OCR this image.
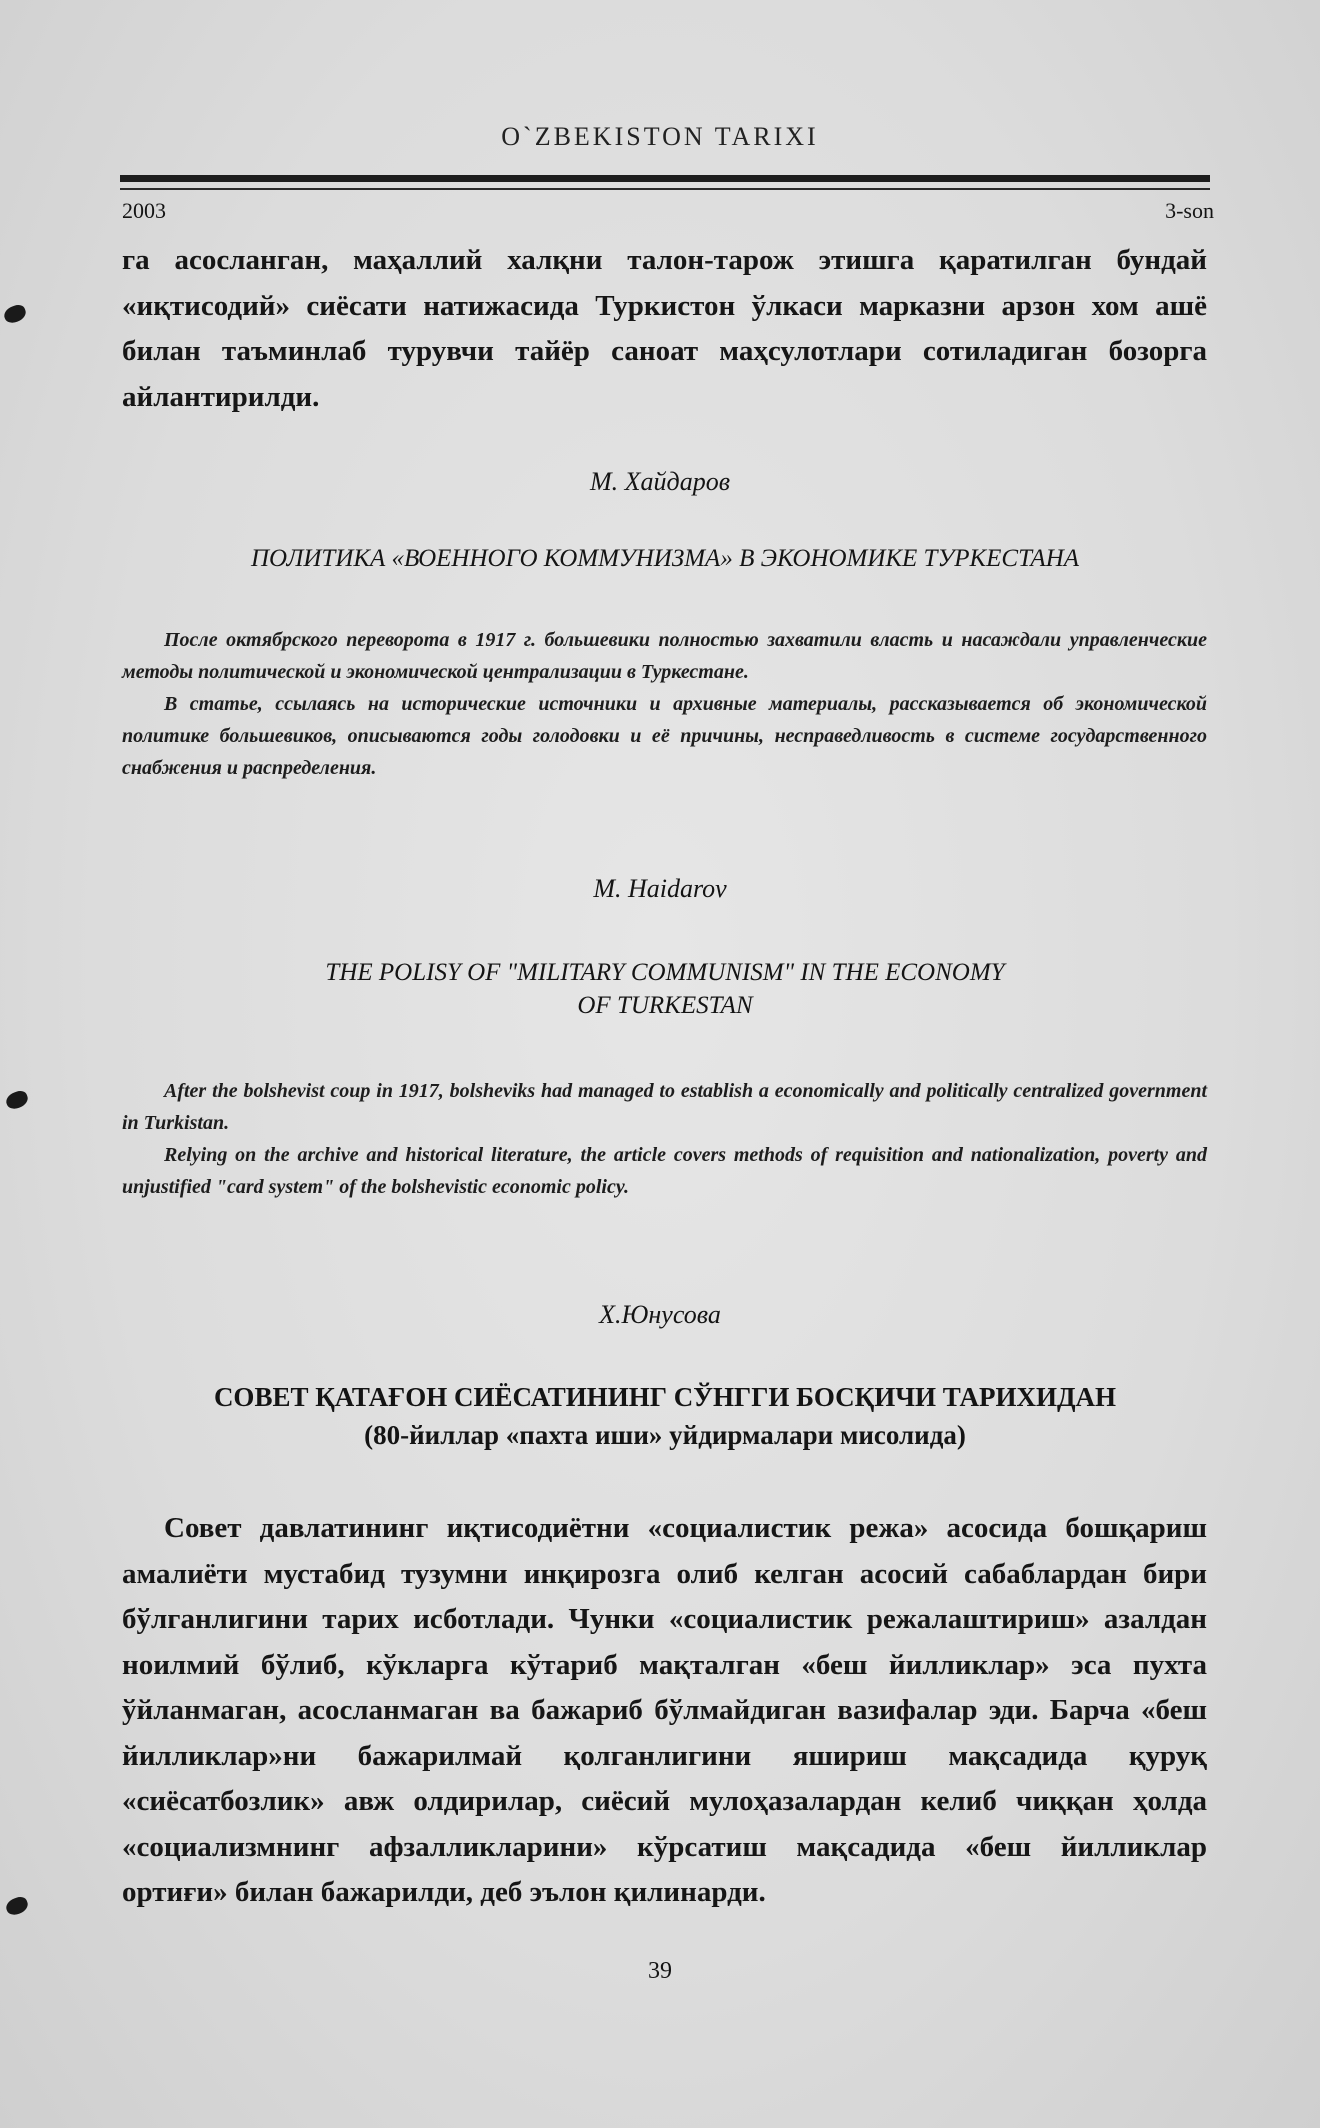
O`ZBEKISTON TARIXI
2003	3-son

га асосланган, маҳаллий халқни талон-тарож этишга қаратилган бундай «иқтисодий» сиёсати натижасида Туркистон ўлкаси марказни арзон хом ашё билан таъминлаб турувчи тайёр саноат маҳсулотлари сотиладиган бозорга айлантирилди.

М. Хайдаров
ПОЛИТИКА «ВОЕННОГО КОММУНИЗМА» В ЭКОНОМИКЕ ТУРКЕСТАНА

После октябрского переворота в 1917 г. большевики полностью захватили власть и насаждали управленческие методы политической и экономической централизации в Туркестане.

В статье, ссылаясь на исторические источники и архивные материалы, рассказывается об экономической политике большевиков, описываются годы голодовки и её причины, несправедливость в системе государственного снабжения и распределения.

M. Haidarov
THE POLISY OF "MILITARY COMMUNISM" IN THE ECONOMY
OF TURKESTAN

After the bolshevist coup in 1917, bolsheviks had managed to establish a economically and politically centralized government in Turkistan.

Relying on the archive and historical literature, the article covers methods of requisition and nationalization, poverty and unjustified "card system" of the bolshevistic economic policy.

Х.Юнусова
СОВЕТ ҚАТАҒОН СИЁСАТИНИНГ СЎНГГИ БОСҚИЧИ ТАРИХИДАН
(80-йиллар «пахта иши» уйдирмалари мисолида)

Совет давлатининг иқтисодиётни «социалистик режа» асосида бошқариш амалиёти мустабид тузумни инқирозга олиб келган асосий сабаблардан бири бўлганлигини тарих исботлади. Чунки «социалистик режалаштириш» азалдан ноилмий бўлиб, кўкларга кўтариб мақталган «беш йилликлар» эса пухта ўйланмаган, асосланмаган ва бажариб бўлмайдиган вазифалар эди. Барча «беш йилликлар»ни бажарилмай қолганлигини яшириш мақсадида қуруқ «сиёсатбозлик» авж олдирилар, сиёсий мулоҳазалардан келиб чиққан ҳолда «социализмнинг афзалликларини» кўрсатиш мақсадида «беш йилликлар ортиғи» билан бажарилди, деб эълон қилинарди.

39
